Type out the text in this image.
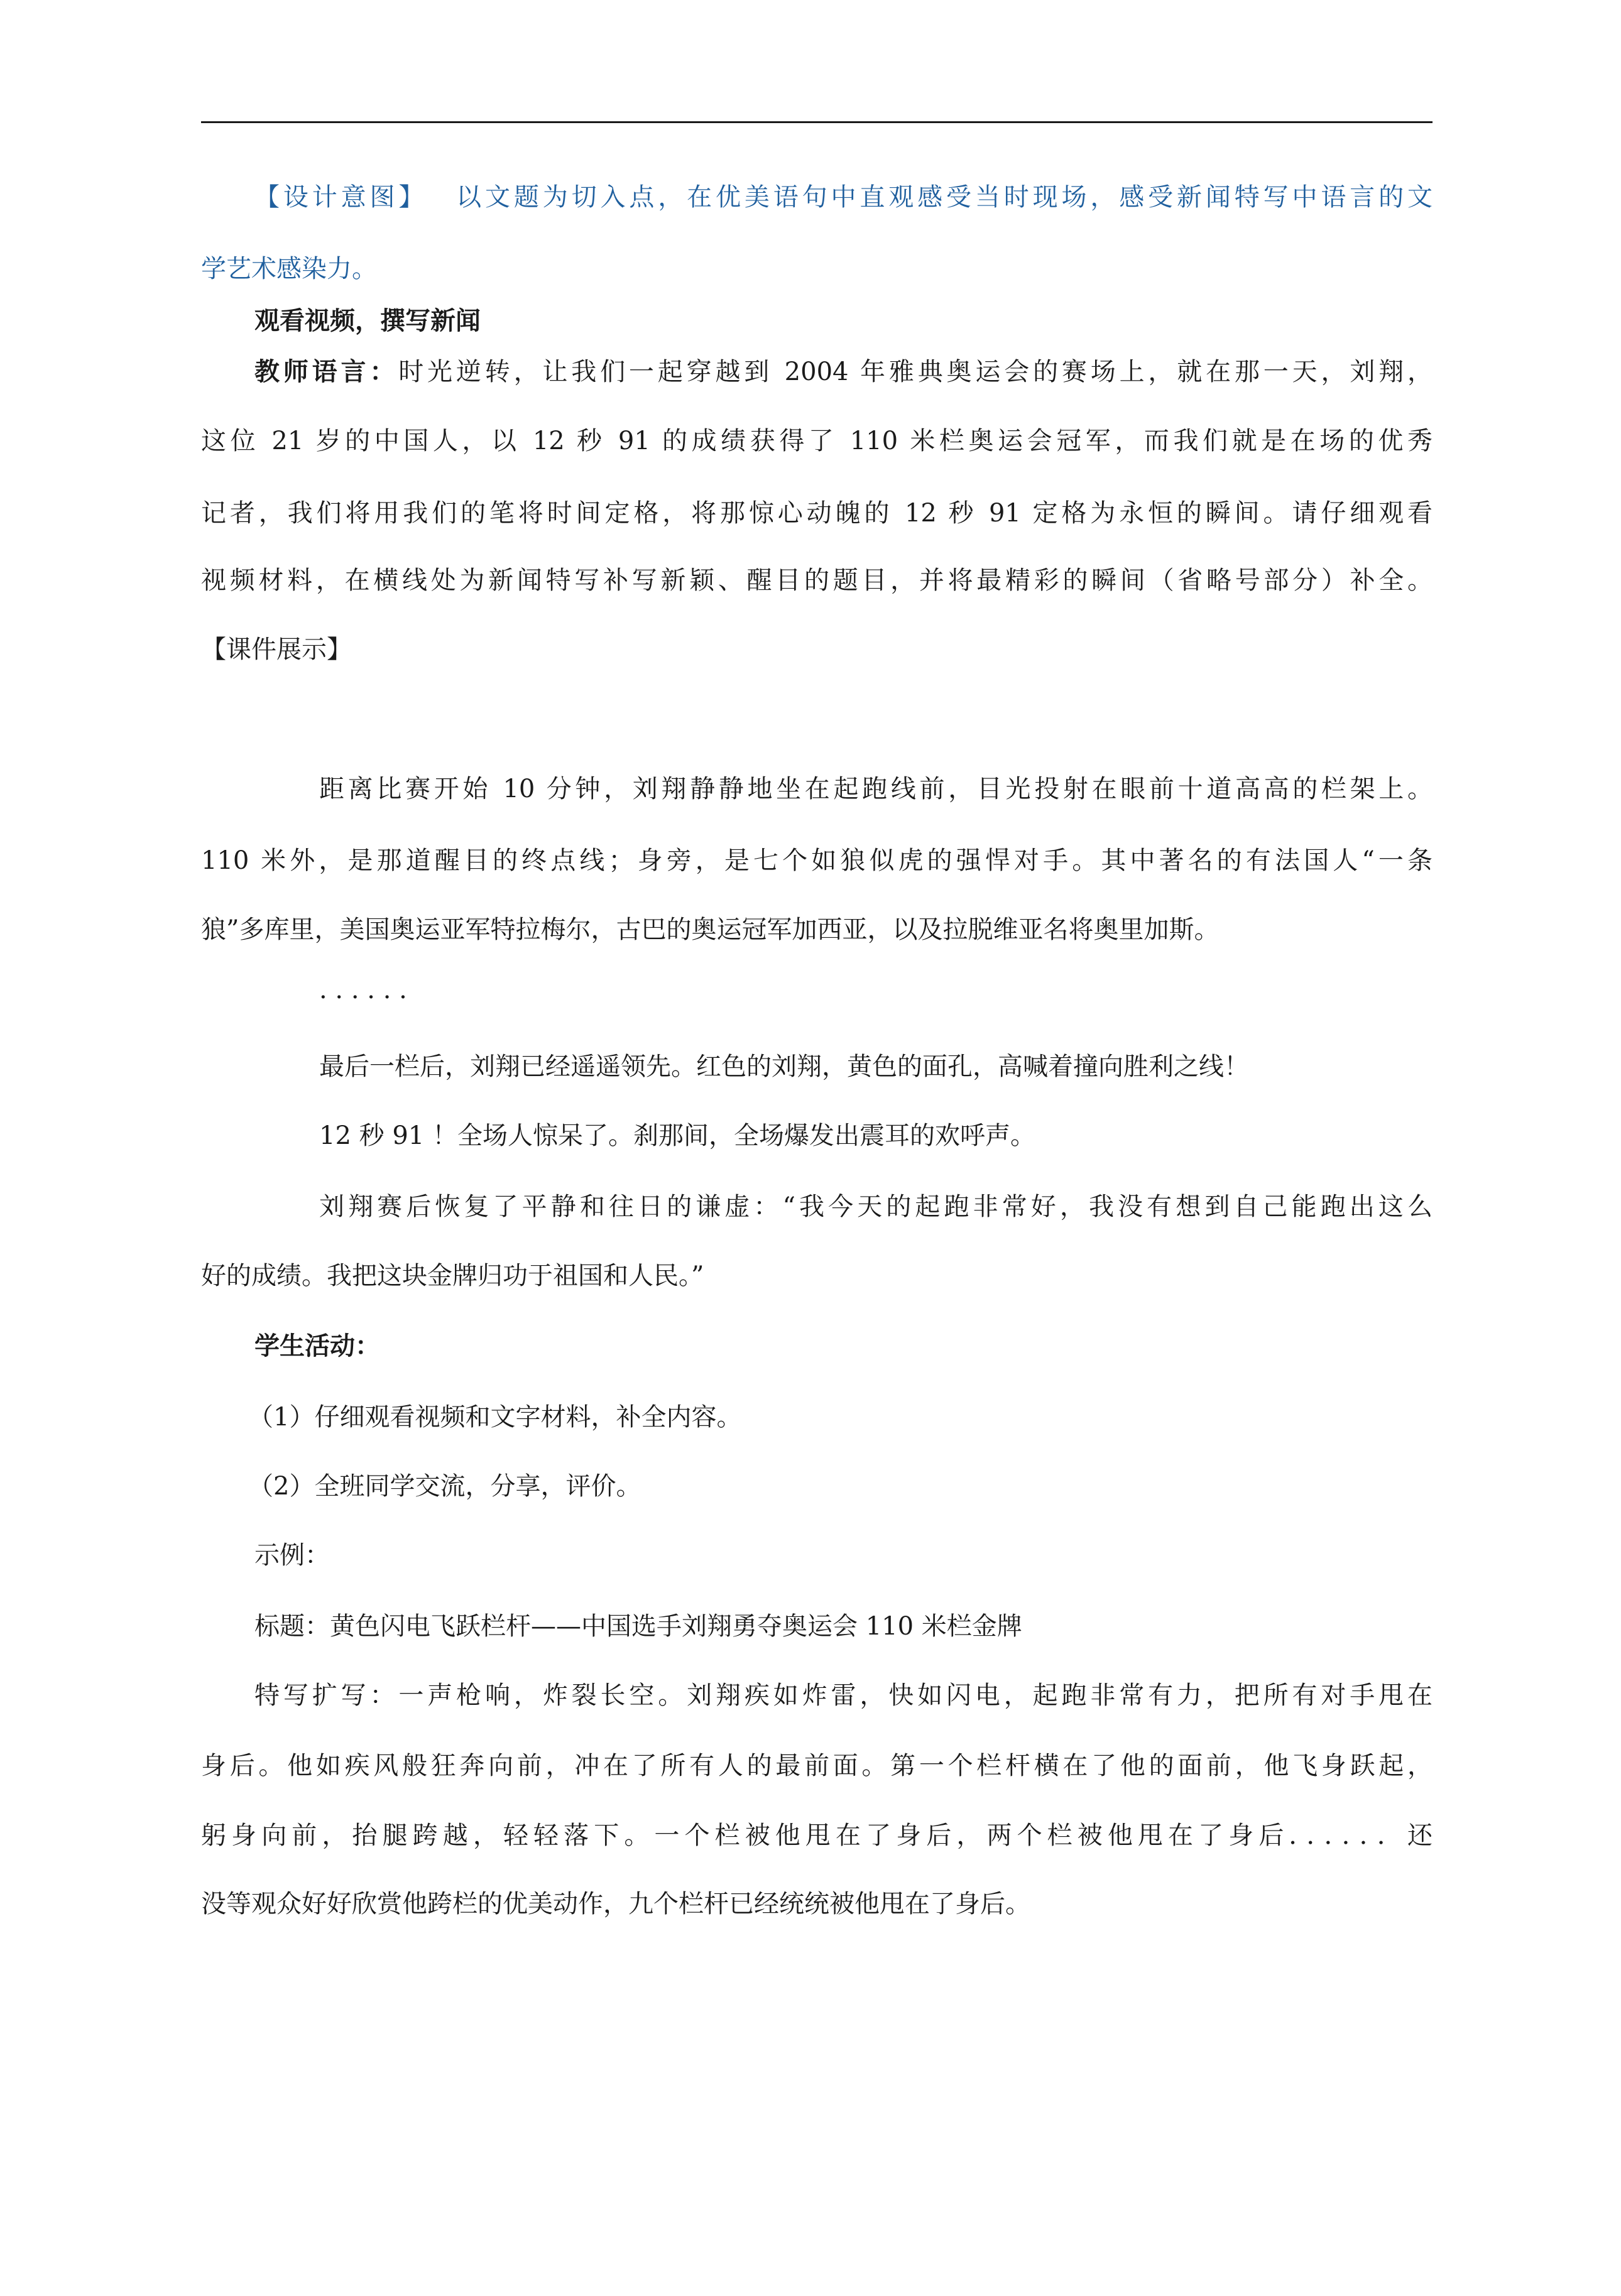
【设计意图】 以文题为切入点，在优美语句中直观感受当时现场，感受新闻特写中语言的文
学艺术感染力。
观看视频，撰写新闻
教师语言：时光逆转，让我们一起穿越到 2004 年雅典奥运会的赛场上，就在那一天，刘翔，
这位 21 岁的中国人，以 12 秒 91 的成绩获得了 110 米栏奥运会冠军，而我们就是在场的优秀
记者，我们将用我们的笔将时间定格，将那惊心动魄的 12 秒 91 定格为永恒的瞬间。请仔细观看
视频材料，在横线处为新闻特写补写新颖、醒目的题目，并将最精彩的瞬间（省略号部分）补全。
【课件展示】
距离比赛开始 10 分钟，刘翔静静地坐在起跑线前，目光投射在眼前十道高高的栏架上。
110 米外，是那道醒目的终点线；身旁，是七个如狼似虎的强悍对手。其中著名的有法国人“一条
狼”多库里，美国奥运亚军特拉梅尔，古巴的奥运冠军加西亚，以及拉脱维亚名将奥里加斯。
· · · · · ·
最后一栏后，刘翔已经遥遥领先。红色的刘翔，黄色的面孔，高喊着撞向胜利之线！
12 秒 91 ！全场人惊呆了。刹那间，全场爆发出震耳的欢呼声。
刘翔赛后恢复了平静和往日的谦虚：“我今天的起跑非常好，我没有想到自己能跑出这么
好的成绩。我把这块金牌归功于祖国和人民。”
学生活动：
（1）仔细观看视频和文字材料，补全内容。
（2）全班同学交流，分享，评价。
示例：
标题：黄色闪电飞跃栏杆——中国选手刘翔勇夺奥运会 110 米栏金牌
特写扩写：一声枪响，炸裂长空。刘翔疾如炸雷，快如闪电，起跑非常有力，把所有对手甩在
身后。他如疾风般狂奔向前，冲在了所有人的最前面。第一个栏杆横在了他的面前，他飞身跃起，
躬身向前，抬腿跨越，轻轻落下。一个栏被他甩在了身后，两个栏被他甩在了身后．．．．．．还
没等观众好好欣赏他跨栏的优美动作，九个栏杆已经统统被他甩在了身后。
